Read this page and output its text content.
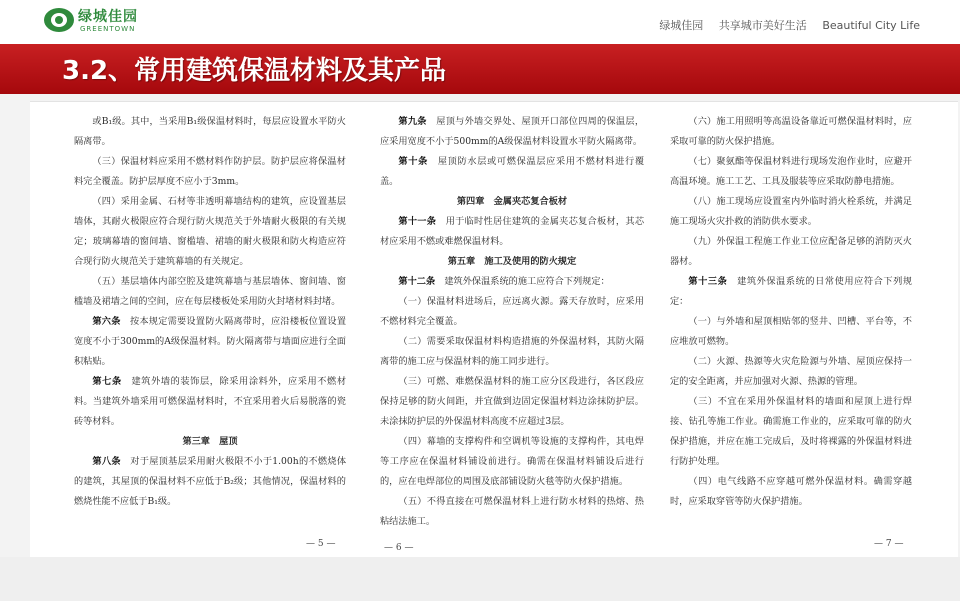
绿城佳园
GREENTOWN	绿城佳园 共享城市美好生活 Beautiful City Life
3.2、常用建筑保温材料及其产品

或B₁级。其中，当采用B₁级保温材料时，每层应设置水平防火隔离带。

（三）保温材料应采用不燃材料作防护层。防护层应将保温材料完全覆盖。防护层厚度不应小于3mm。

（四）采用金属、石材等非透明幕墙结构的建筑，应设置基层墙体，其耐火极限应符合现行防火规范关于外墙耐火极限的有关规定；玻璃幕墙的窗间墙、窗槛墙、裙墙的耐火极限和防火构造应符合现行防火规范关于建筑幕墙的有关规定。

（五）基层墙体内部空腔及建筑幕墙与基层墙体、窗间墙、窗槛墙及裙墙之间的空间，应在每层楼板处采用防火封堵材料封堵。

第六条　 按本规定需要设置防火隔离带时，应沿楼板位置设置宽度不小于300mm的A级保温材料。防火隔离带与墙面应进行全面积粘贴。

第七条　 建筑外墙的装饰层，除采用涂料外，应采用不燃材料。当建筑外墙采用可燃保温材料时，不宜采用着火后易脱落的瓷砖等材料。

第三章　屋顶

第八条　 对于屋顶基层采用耐火极限不小于1.00h的不燃烧体的建筑，其屋顶的保温材料不应低于B₂级；其他情况，保温材料的燃烧性能不应低于B₁级。

第九条　 屋顶与外墙交界处、屋顶开口部位四周的保温层，应采用宽度不小于500mm的A级保温材料设置水平防火隔离带。

第十条　 屋顶防水层或可燃保温层应采用不燃材料进行覆盖。

第四章　金属夹芯复合板材

第十一条　 用于临时性居住建筑的金属夹芯复合板材，其芯材应采用不燃或难燃保温材料。

第五章　施工及使用的防火规定

第十二条　 建筑外保温系统的施工应符合下列规定：

（一）保温材料进场后，应远离火源。露天存放时，应采用不燃材料完全覆盖。

（二）需要采取保温材料构造措施的外保温材料，其防火隔离带的施工应与保温材料的施工同步进行。

（三）可燃、难燃保温材料的施工应分区段进行，各区段应保持足够的防火间距，并宜做到边固定保温材料边涂抹防护层。未涂抹防护层的外保温材料高度不应超过3层。

（四）幕墙的支撑构件和空调机等设施的支撑构件，其电焊等工序应在保温材料铺设前进行。确需在保温材料铺设后进行的，应在电焊部位的周围及底部铺设防火毯等防火保护措施。

（五）不得直接在可燃保温材料上进行防水材料的热熔、热粘结法施工。

（六）施工用照明等高温设备靠近可燃保温材料时，应采取可靠的防火保护措施。

（七）聚氨酯等保温材料进行现场发泡作业时，应避开高温环境。施工工艺、工具及服装等应采取防静电措施。

（八）施工现场应设置室内外临时消火栓系统，并满足施工现场火灾扑救的消防供水要求。

（九）外保温工程施工作业工位应配备足够的消防灭火器材。

第十三条　 建筑外保温系统的日常使用应符合下列规定：

（一）与外墙和屋顶相贴邻的竖井、凹槽、平台等，不应堆放可燃物。

（二）火源、热源等火灾危险源与外墙、屋顶应保持一定的安全距离，并应加强对火源、热源的管理。

（三）不宜在采用外保温材料的墙面和屋顶上进行焊接、钻孔等施工作业。确需施工作业的，应采取可靠的防火保护措施，并应在施工完成后，及时将裸露的外保温材料进行防护处理。

（四）电气线路不应穿越可燃外保温材料。确需穿越时，应采取穿管等防火保护措施。

— 5 —	— 6 —	— 7 —
